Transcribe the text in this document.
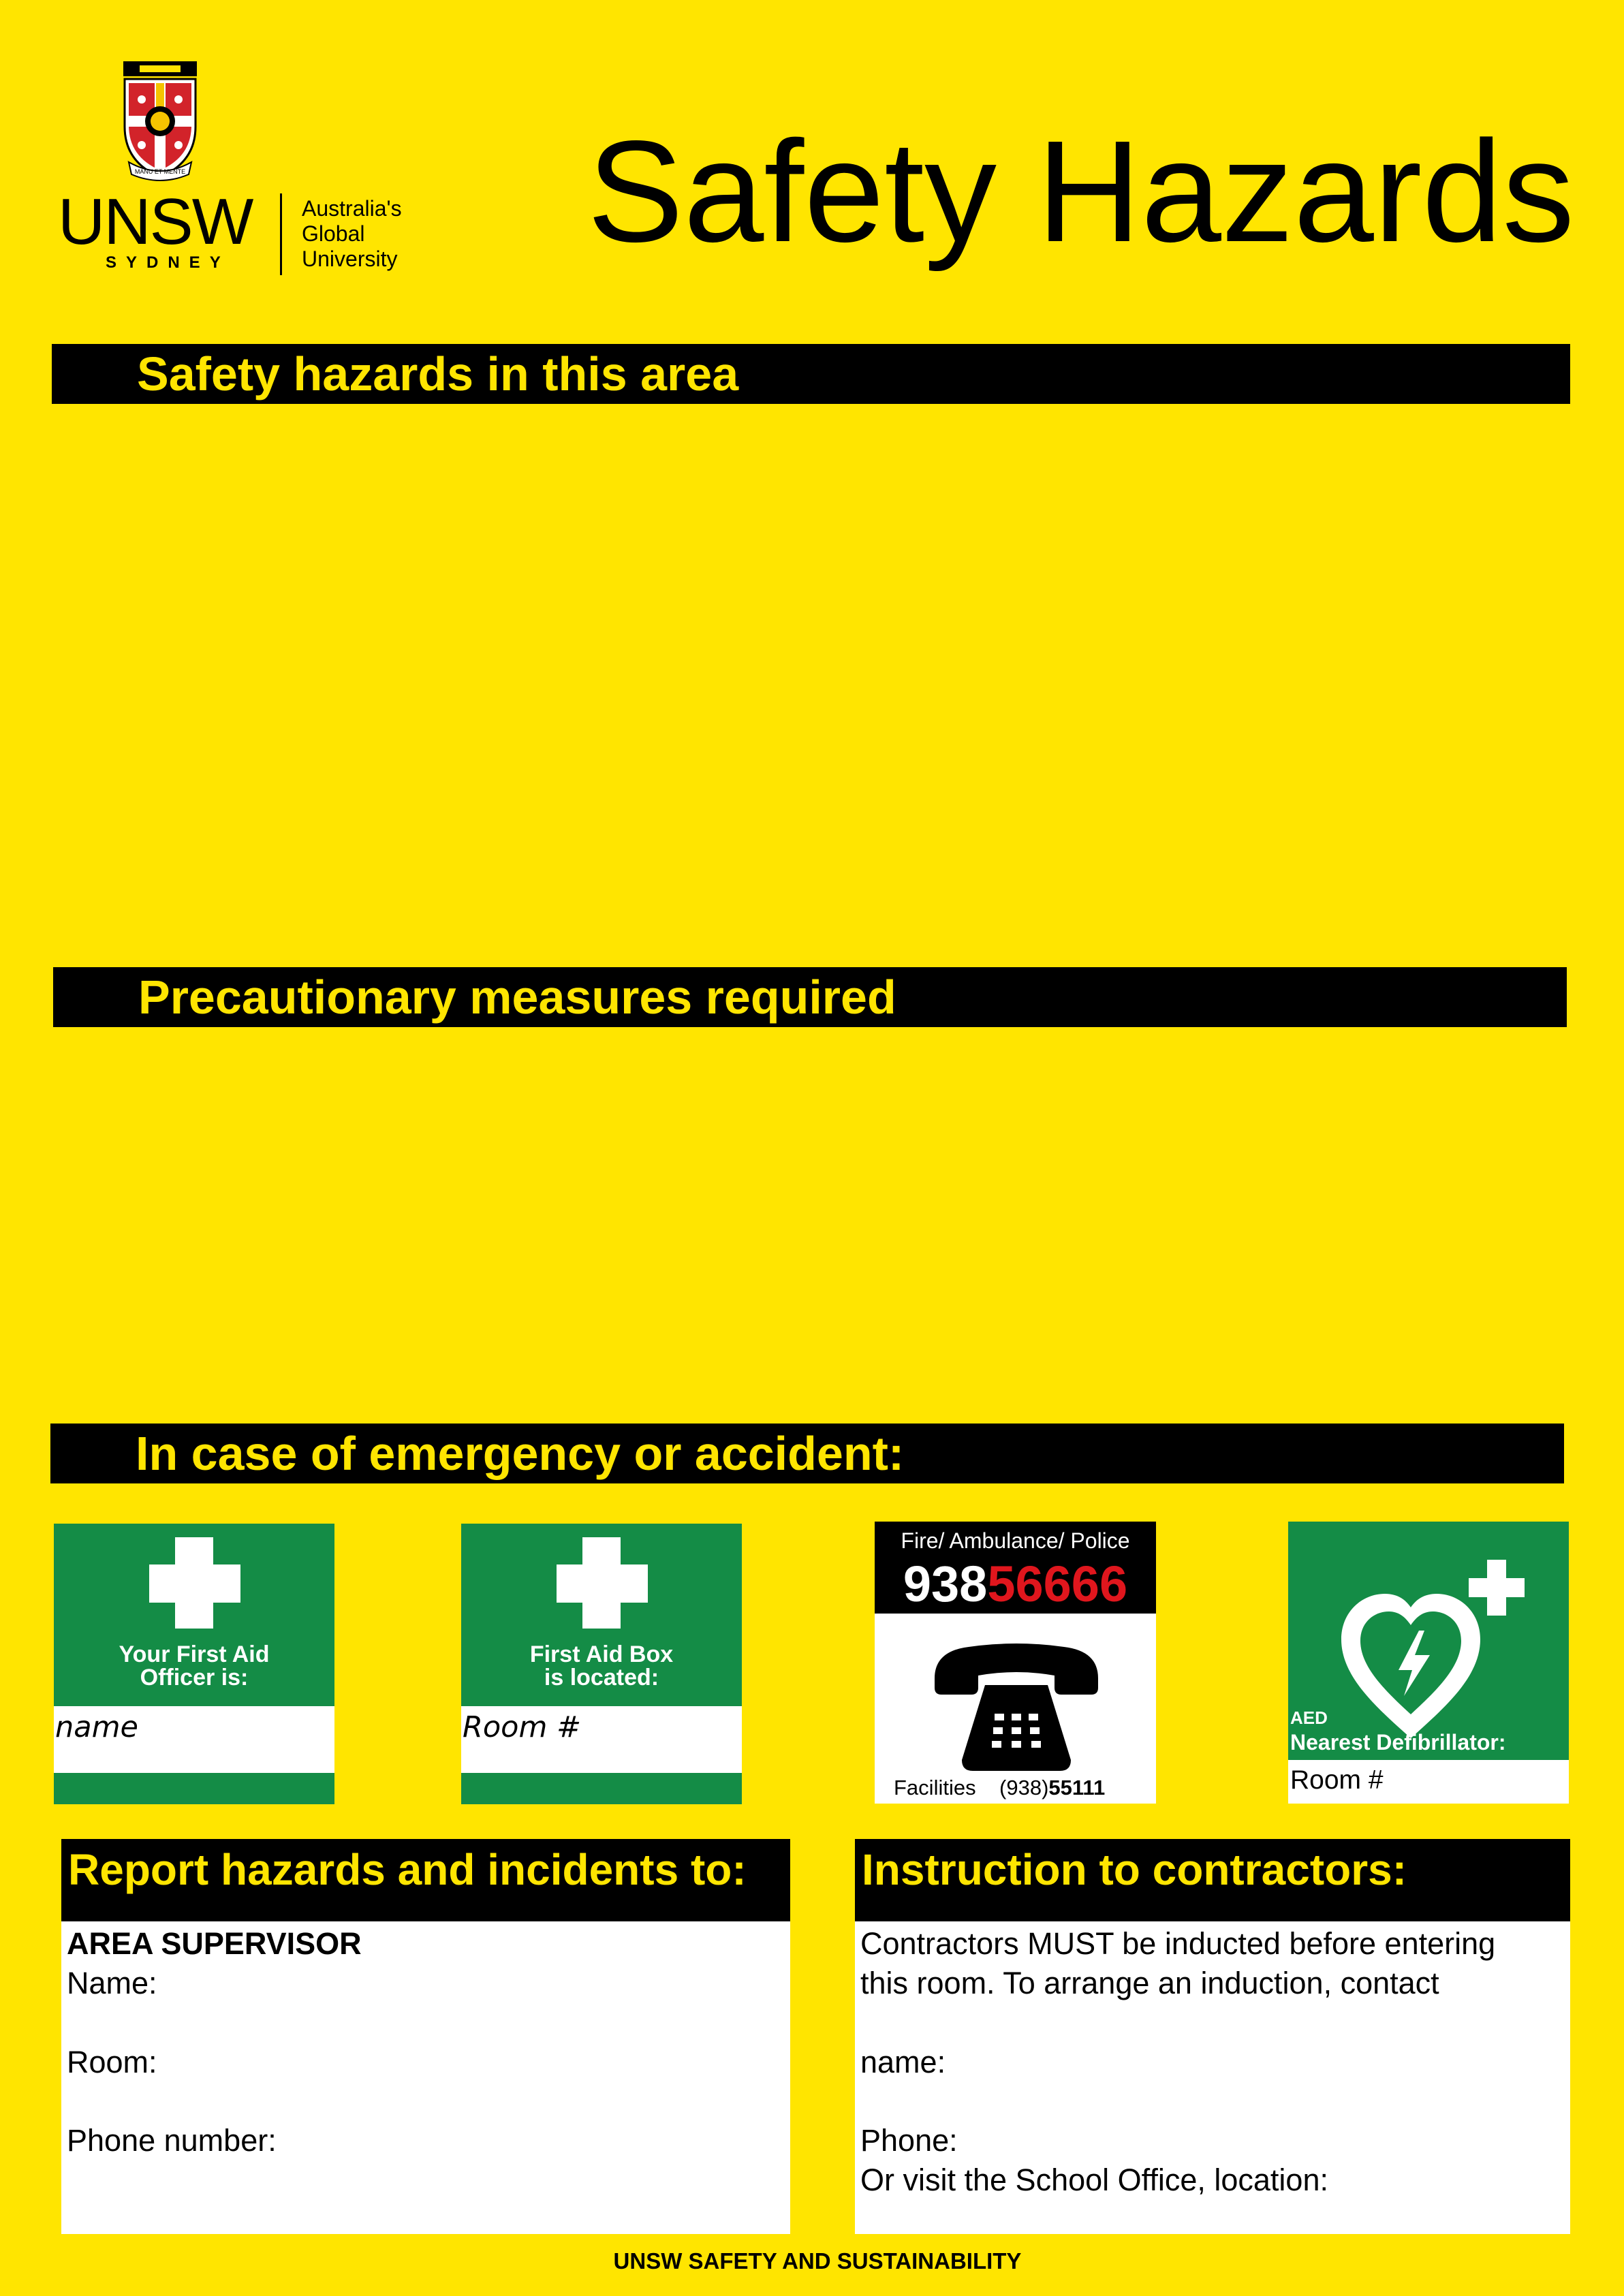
MANU ET MENTE
UNSW
SYDNEY
Australia's
Global
University Safety Hazards
Safety hazards in this area
Precautionary measures required
In case of emergency or accident:
Your First Aid
Officer is:
name
First Aid Box
is located:
Room #
Fire/ Ambulance/ Police
93856666
Facilities (938)55111
AED
Nearest Defibrillator:
Room #
Report hazards and incidents to:
AREA SUPERVISOR
Name:
Room:
Phone number:
Instruction to contractors:
Contractors MUST be inducted before entering
this room. To arrange an induction, contact
name:
Phone:
Or visit the School Office, location:
UNSW SAFETY AND SUSTAINABILITY
